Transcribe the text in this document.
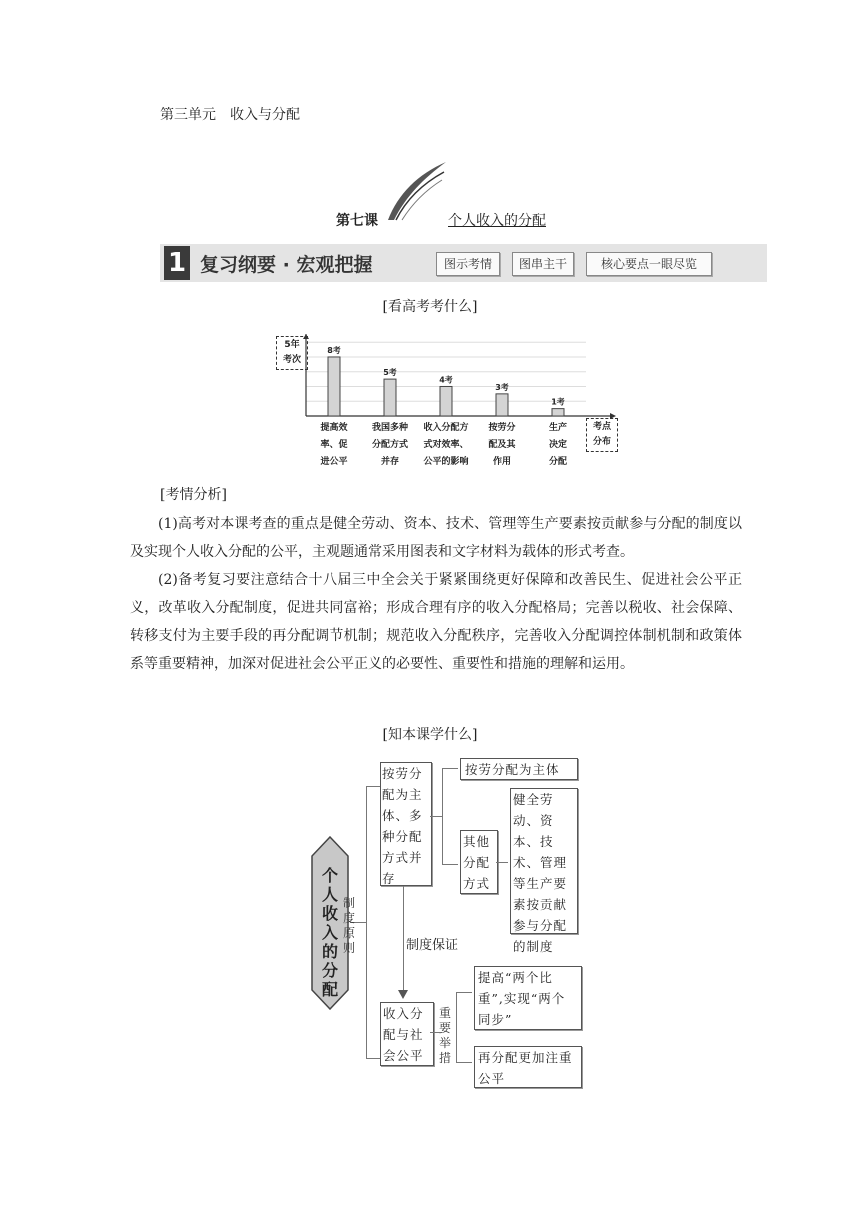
第三单元　收入与分配
第七课	个人收入的分配
1 复习纲要 · 宏观把握	图示考情	图串主干	核心要点一眼尽览
[看高考考什么]
8考
提高效
率、促
进公平
5考
我国多种
分配方式
并存
4考
收入分配方
式对效率、
公平的影响
3考
按劳分
配及其
作用
1考
生产
决定
分配
5年
考次
考点
分布
[考情分析]
(1)高考对本课考查的重点是健全劳动、资本、技术、管理等生产要素按贡献参与分配的制度以及实现个人收入分配的公平，主观题通常采用图表和文字材料为载体的形式考查。
(2)备考复习要注意结合十八届三中全会关于紧紧围绕更好保障和改善民生、促进社会公平正义，改革收入分配制度，促进共同富裕；形成合理有序的收入分配格局；完善以税收、社会保障、转移支付为主要手段的再分配调节机制；规范收入分配秩序，完善收入分配调控体制机制和政策体系等重要精神，加深对促进社会公平正义的必要性、重要性和措施的理解和运用。
[知本课学什么]
个
人
收
入
的
分
配
制
度
原
则
按劳分配为主体、多种分配方式并存
按劳分配为主体
其他分配方式
健全劳动、资本、技术、管理等生产要素按贡献参与分配的制度
制度保证
收入分配与社会公平
重
要
举
措
提高“两个比重”,实现“两个同步”
再分配更加注重公平
